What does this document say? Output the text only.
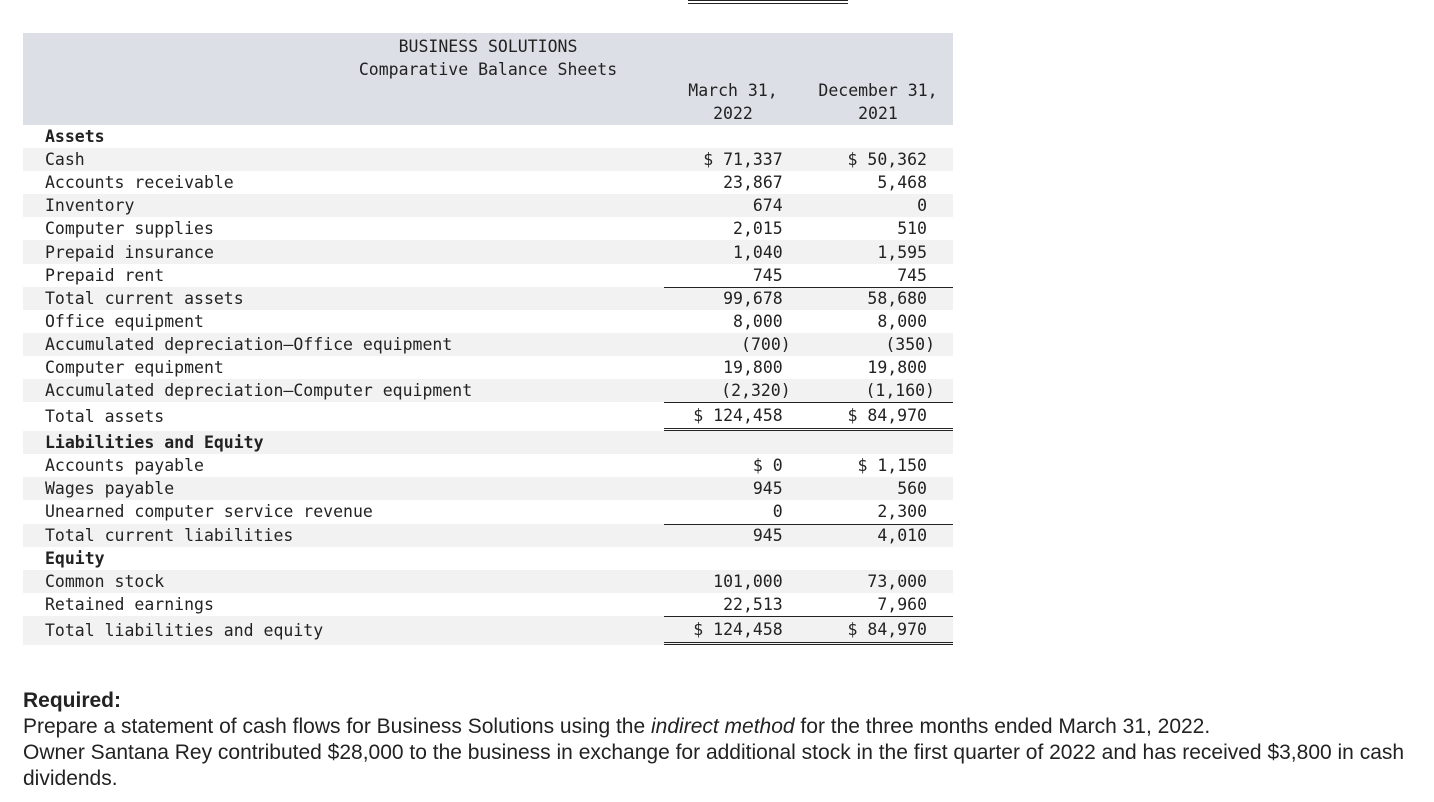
BUSINESS SOLUTIONS
Comparative Balance Sheets
March 31,
2022
December 31,
2021
Assets
Cash	$ 71,337	$ 50,362
Accounts receivable	23,867	5,468
Inventory	674	0
Computer supplies	2,015	510
Prepaid insurance	1,040	1,595
Prepaid rent	745	745
Total current assets	99,678	58,680
Office equipment	8,000	8,000
Accumulated depreciation—Office equipment	(700)	(350)
Computer equipment	19,800	19,800
Accumulated depreciation—Computer equipment	(2,320)	(1,160)
Total assets	$ 124,458	$ 84,970
Liabilities and Equity
Accounts payable	$ 0	$ 1,150
Wages payable	945	560
Unearned computer service revenue	0	2,300
Total current liabilities	945	4,010
Equity
Common stock	101,000	73,000
Retained earnings	22,513	7,960
Total liabilities and equity	$ 124,458	$ 84,970
Required:

Prepare a statement of cash flows for Business Solutions using the indirect method for the three months ended March 31, 2022.

Owner Santana Rey contributed $28,000 to the business in exchange for additional stock in the first quarter of 2022 and has received $3,800 in cash dividends.
